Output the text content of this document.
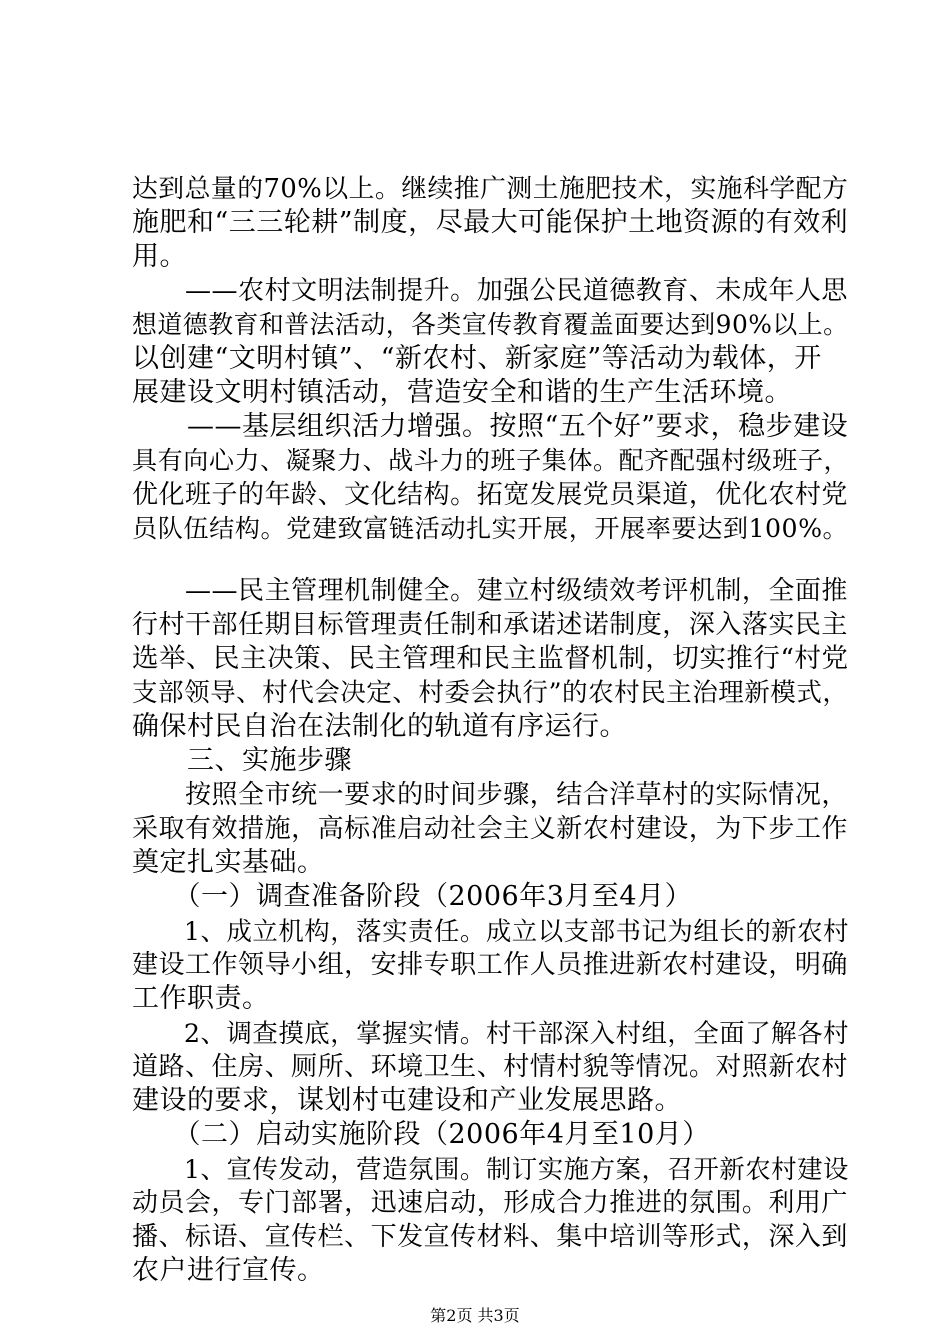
达到总量的70%以上。继续推广测土施肥技术，实施科学配方
施肥和“三三轮耕”制度，尽最大可能保护土地资源的有效利
用。
　　——农村文明法制提升。加强公民道德教育、未成年人思
想道德教育和普法活动，各类宣传教育覆盖面要达到90%以上。
以创建“文明村镇”、“新农村、新家庭”等活动为载体，开
展建设文明村镇活动，营造安全和谐的生产生活环境。
　　——基层组织活力增强。按照“五个好”要求，稳步建设
具有向心力、凝聚力、战斗力的班子集体。配齐配强村级班子，
优化班子的年龄、文化结构。拓宽发展党员渠道，优化农村党
员队伍结构。党建致富链活动扎实开展，开展率要达到100%。
　　——民主管理机制健全。建立村级绩效考评机制，全面推
行村干部任期目标管理责任制和承诺述诺制度，深入落实民主
选举、民主决策、民主管理和民主监督机制，切实推行“村党
支部领导、村代会决定、村委会执行”的农村民主治理新模式，
确保村民自治在法制化的轨道有序运行。
　　三、实施步骤
　　按照全市统一要求的时间步骤，结合洋草村的实际情况，
采取有效措施，高标准启动社会主义新农村建设，为下步工作
奠定扎实基础。
　　（一）调查准备阶段（2006年3月至4月）
　　1、成立机构，落实责任。成立以支部书记为组长的新农村
建设工作领导小组，安排专职工作人员推进新农村建设，明确
工作职责。
　　2、调查摸底，掌握实情。村干部深入村组，全面了解各村
道路、住房、厕所、环境卫生、村情村貌等情况。对照新农村
建设的要求，谋划村屯建设和产业发展思路。
　　（二）启动实施阶段（2006年4月至10月）
　　1、宣传发动，营造氛围。制订实施方案，召开新农村建设
动员会，专门部署，迅速启动，形成合力推进的氛围。利用广
播、标语、宣传栏、下发宣传材料、集中培训等形式，深入到
农户进行宣传。
第2页 共3页
